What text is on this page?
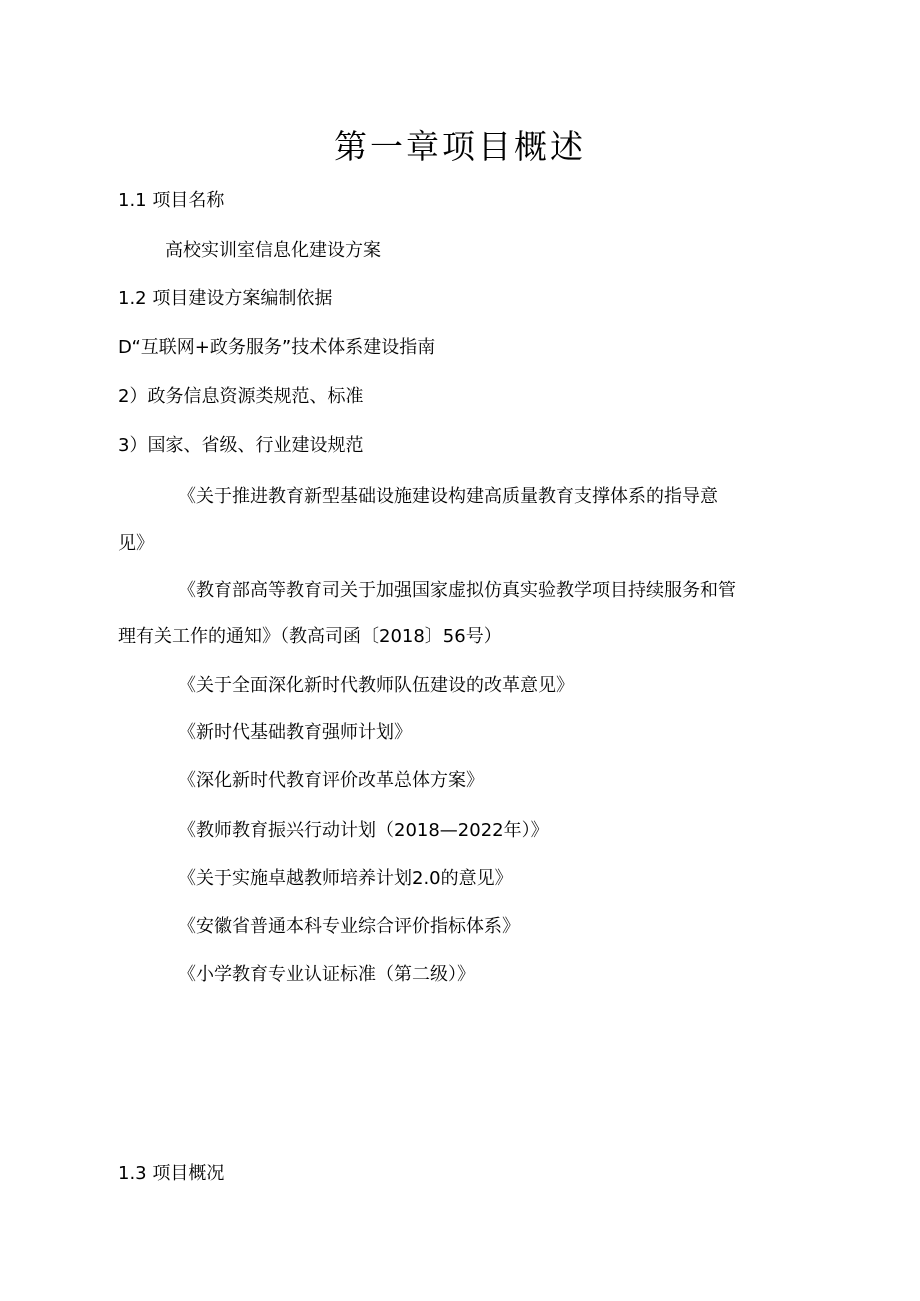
第一章项目概述

1.1 项目名称

高校实训室信息化建设方案

1.2 项目建设方案编制依据

D“互联网+政务服务”技术体系建设指南

2）政务信息资源类规范、标准

3）国家、省级、行业建设规范

《关于推进教育新型基础设施建设构建高质量教育支撑体系的指导意

见》

《教育部高等教育司关于加强国家虚拟仿真实验教学项目持续服务和管

理有关工作的通知》（教高司函〔2018〕56号）

《关于全面深化新时代教师队伍建设的改革意见》

《新时代基础教育强师计划》

《深化新时代教育评价改革总体方案》

《教师教育振兴行动计划（2018—2022年）》

《关于实施卓越教师培养计划2.0的意见》

《安徽省普通本科专业综合评价指标体系》

《小学教育专业认证标准（第二级）》

1.3 项目概况
